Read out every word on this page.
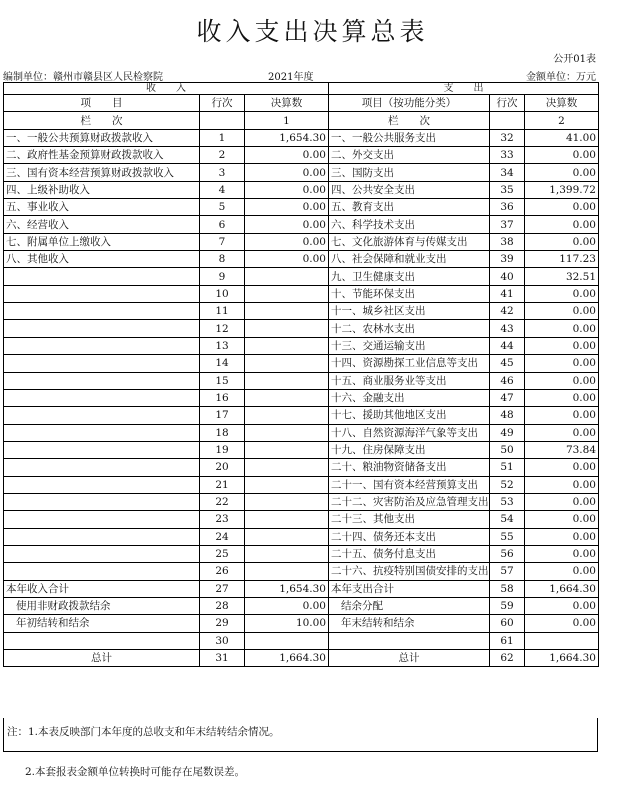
收入支出决算总表
公开01表
编制单位：赣州市赣县区人民检察院	2021年度	金额单位：万元
收　　入			支　　出		
项　　目	行次	决算数	项目（按功能分类）	行次	决算数
栏　　次		1	栏　　次		2
一、一般公共预算财政拨款收入	1	1,654.30	一、一般公共服务支出	32	41.00
二、政府性基金预算财政拨款收入	2	0.00	二、外交支出	33	0.00
三、国有资本经营预算财政拨款收入	3	0.00	三、国防支出	34	0.00
四、上级补助收入	4	0.00	四、公共安全支出	35	1,399.72
五、事业收入	5	0.00	五、教育支出	36	0.00
六、经营收入	6	0.00	六、科学技术支出	37	0.00
七、附属单位上缴收入	7	0.00	七、文化旅游体育与传媒支出	38	0.00
八、其他收入	8	0.00	八、社会保障和就业支出	39	117.23
	9		九、卫生健康支出	40	32.51
	10		十、节能环保支出	41	0.00
	11		十一、城乡社区支出	42	0.00
	12		十二、农林水支出	43	0.00
	13		十三、交通运输支出	44	0.00
	14		十四、资源勘探工业信息等支出	45	0.00
	15		十五、商业服务业等支出	46	0.00
	16		十六、金融支出	47	0.00
	17		十七、援助其他地区支出	48	0.00
	18		十八、自然资源海洋气象等支出	49	0.00
	19		十九、住房保障支出	50	73.84
	20		二十、粮油物资储备支出	51	0.00
	21		二十一、国有资本经营预算支出	52	0.00
	22		二十二、灾害防治及应急管理支出	53	0.00
	23		二十三、其他支出	54	0.00
	24		二十四、债务还本支出	55	0.00
	25		二十五、债务付息支出	56	0.00
	26		二十六、抗疫特别国债安排的支出	57	0.00
本年收入合计	27	1,654.30	本年支出合计	58	1,664.30
使用非财政拨款结余	28	0.00	结余分配	59	0.00
年初结转和结余	29	10.00	年末结转和结余	60	0.00
	30			61	
总计	31	1,664.30	总计	62	1,664.30
注：1.本表反映部门本年度的总收支和年末结转结余情况。
2.本套报表金额单位转换时可能存在尾数误差。
